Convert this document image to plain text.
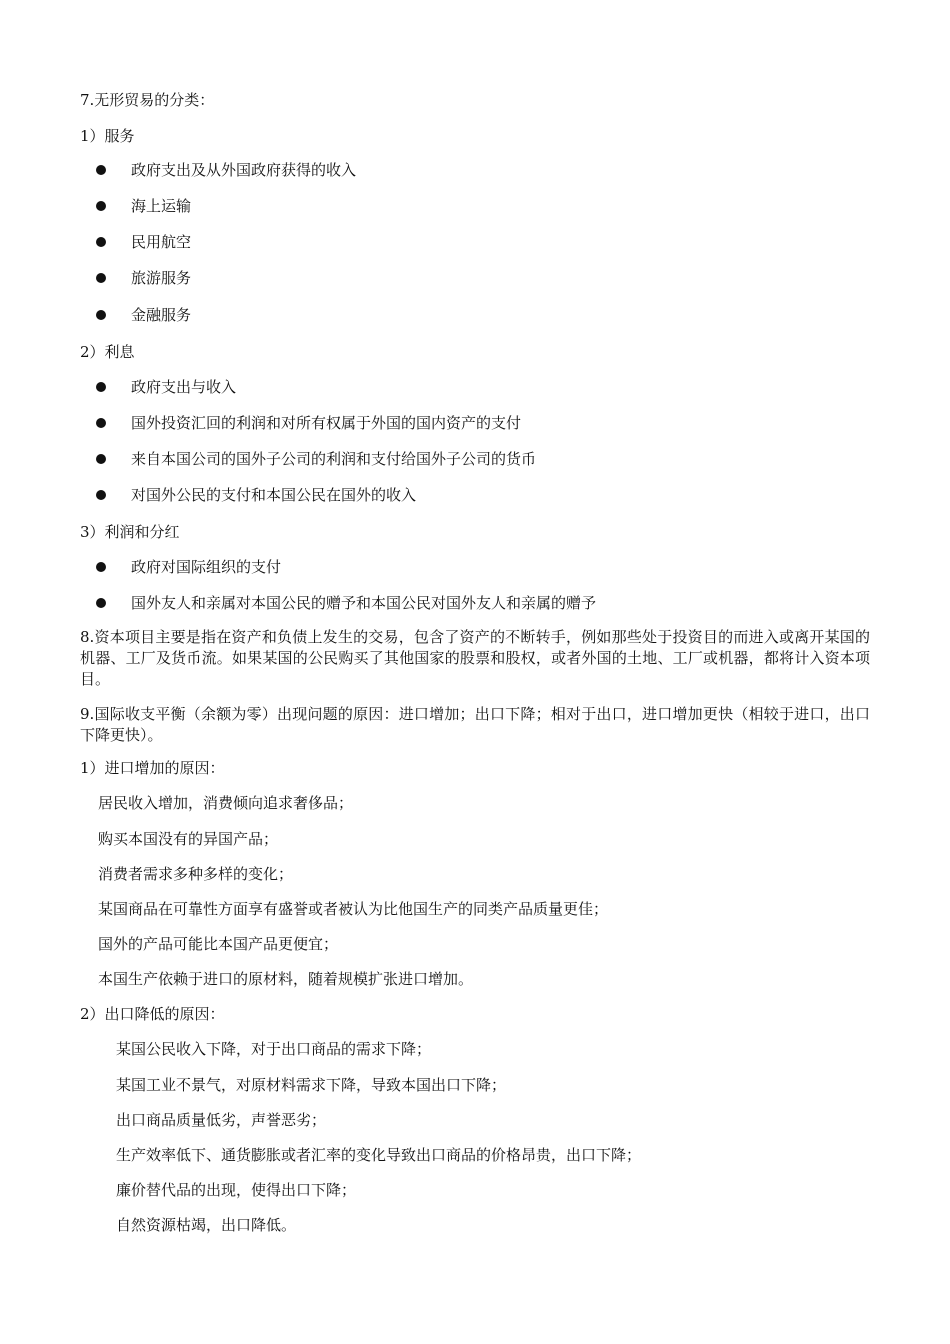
7.无形贸易的分类：
1）服务
政府支出及从外国政府获得的收入
海上运输
民用航空
旅游服务
金融服务
2）利息
政府支出与收入
国外投资汇回的利润和对所有权属于外国的国内资产的支付
来自本国公司的国外子公司的利润和支付给国外子公司的货币
对国外公民的支付和本国公民在国外的收入
3）利润和分红
政府对国际组织的支付
国外友人和亲属对本国公民的赠予和本国公民对国外友人和亲属的赠予
8.资本项目主要是指在资产和负债上发生的交易，包含了资产的不断转手，例如那些处于投资目的而进入或离开某国的机器、工厂及货币流。如果某国的公民购买了其他国家的股票和股权，或者外国的土地、工厂或机器，都将计入资本项目。
9.国际收支平衡（余额为零）出现问题的原因：进口增加；出口下降；相对于出口，进口增加更快（相较于进口，出口下降更快）。
1）进口增加的原因：
居民收入增加，消费倾向追求奢侈品；
购买本国没有的异国产品；
消费者需求多种多样的变化；
某国商品在可靠性方面享有盛誉或者被认为比他国生产的同类产品质量更佳；
国外的产品可能比本国产品更便宜；
本国生产依赖于进口的原材料，随着规模扩张进口增加。
2）出口降低的原因：
某国公民收入下降，对于出口商品的需求下降；
某国工业不景气，对原材料需求下降，导致本国出口下降；
出口商品质量低劣，声誉恶劣；
生产效率低下、通货膨胀或者汇率的变化导致出口商品的价格昂贵，出口下降；
廉价替代品的出现，使得出口下降；
自然资源枯竭，出口降低。
